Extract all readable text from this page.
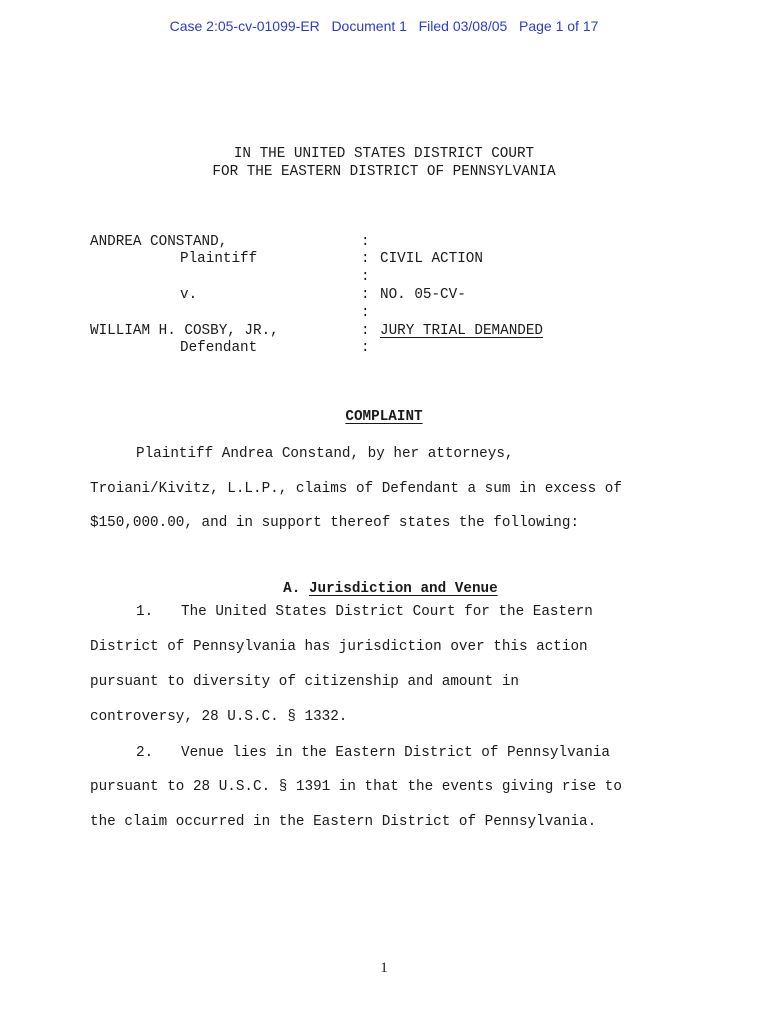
Case 2:05-cv-01099-ER   Document 1   Filed 03/08/05   Page 1 of 17
IN THE UNITED STATES DISTRICT COURT
FOR THE EASTERN DISTRICT OF PENNSYLVANIA
ANDREA CONSTAND,
Plaintiff
v.
WILLIAM H. COSBY, JR.,
Defendant
:
:
:
:
:
:
:
CIVIL ACTION
NO. 05-CV-
JURY TRIAL DEMANDED
COMPLAINT
Plaintiff Andrea Constand, by her attorneys,
Troiani/Kivitz, L.L.P., claims of Defendant a sum in excess of
$150,000.00, and in support thereof states the following:

A. Jurisdiction and Venue

1. The United States District Court for the Eastern
District of Pennsylvania has jurisdiction over this action
pursuant to diversity of citizenship and amount in
controversy, 28 U.S.C. § 1332.
2. Venue lies in the Eastern District of Pennsylvania
pursuant to 28 U.S.C. § 1391 in that the events giving rise to
the claim occurred in the Eastern District of Pennsylvania.
1
